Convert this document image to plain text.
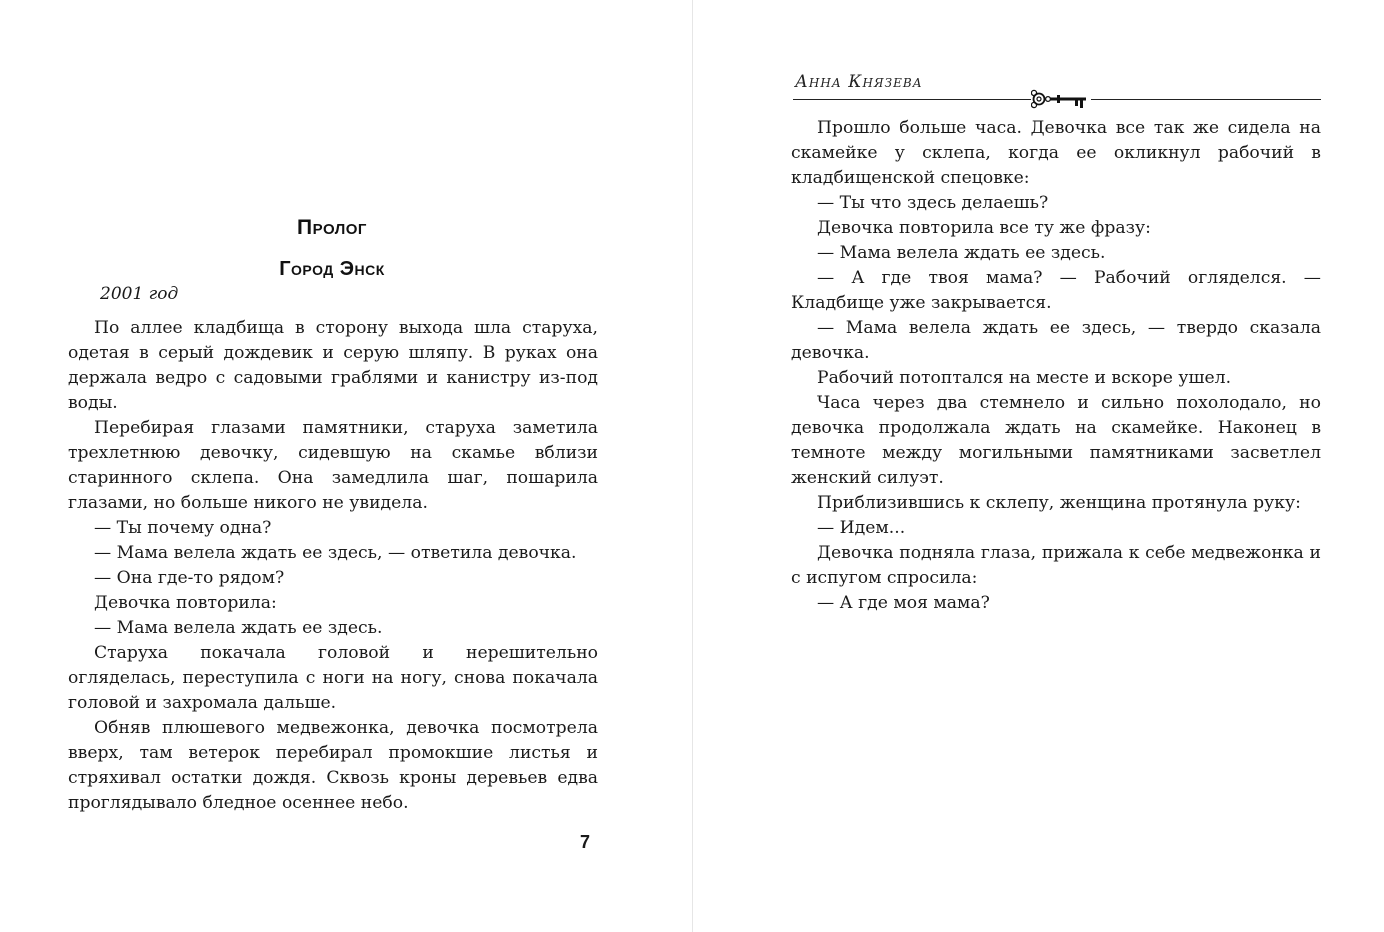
Пролог
Город Энск
2001 год

По аллее кладбища в сторону выхода шла старуха, одетая в серый дождевик и серую шляпу. В руках она держала ведро с садовыми граблями и канистру из-под воды.

Перебирая глазами памятники, старуха заметила трехлетнюю девочку, сидевшую на скамье вблизи старинного склепа. Она замедлила шаг, пошарила глазами, но больше никого не увидела.

— Ты почему одна?

— Мама велела ждать ее здесь, — ответила девочка.

— Она где-то рядом?

Девочка повторила:

— Мама велела ждать ее здесь.

Старуха покачала головой и нерешительно огляделась, переступила с ноги на ногу, снова покачала головой и захромала дальше.

Обняв плюшевого медвежонка, девочка посмотрела вверх, там ветерок перебирал промокшие листья и стряхивал остатки дождя. Сквозь кроны деревьев едва проглядывало бледное осеннее небо.

7
Анна Князева

Прошло больше часа. Девочка все так же сидела на скамейке у склепа, когда ее окликнул рабочий в кладбищенской спецовке:

— Ты что здесь делаешь?

Девочка повторила все ту же фразу:

— Мама велела ждать ее здесь.

— А где твоя мама? — Рабочий огляделся. — Кладбище уже закрывается.

— Мама велела ждать ее здесь, — твердо сказала девочка.

Рабочий потоптался на месте и вскоре ушел.

Часа через два стемнело и сильно похолодало, но девочка продолжала ждать на скамейке. Наконец в темноте между могильными памятниками засветлел женский силуэт.

Приблизившись к склепу, женщина протянула руку:

— Идем...

Девочка подняла глаза, прижала к себе медвежонка и с испугом спросила:

— А где моя мама?
